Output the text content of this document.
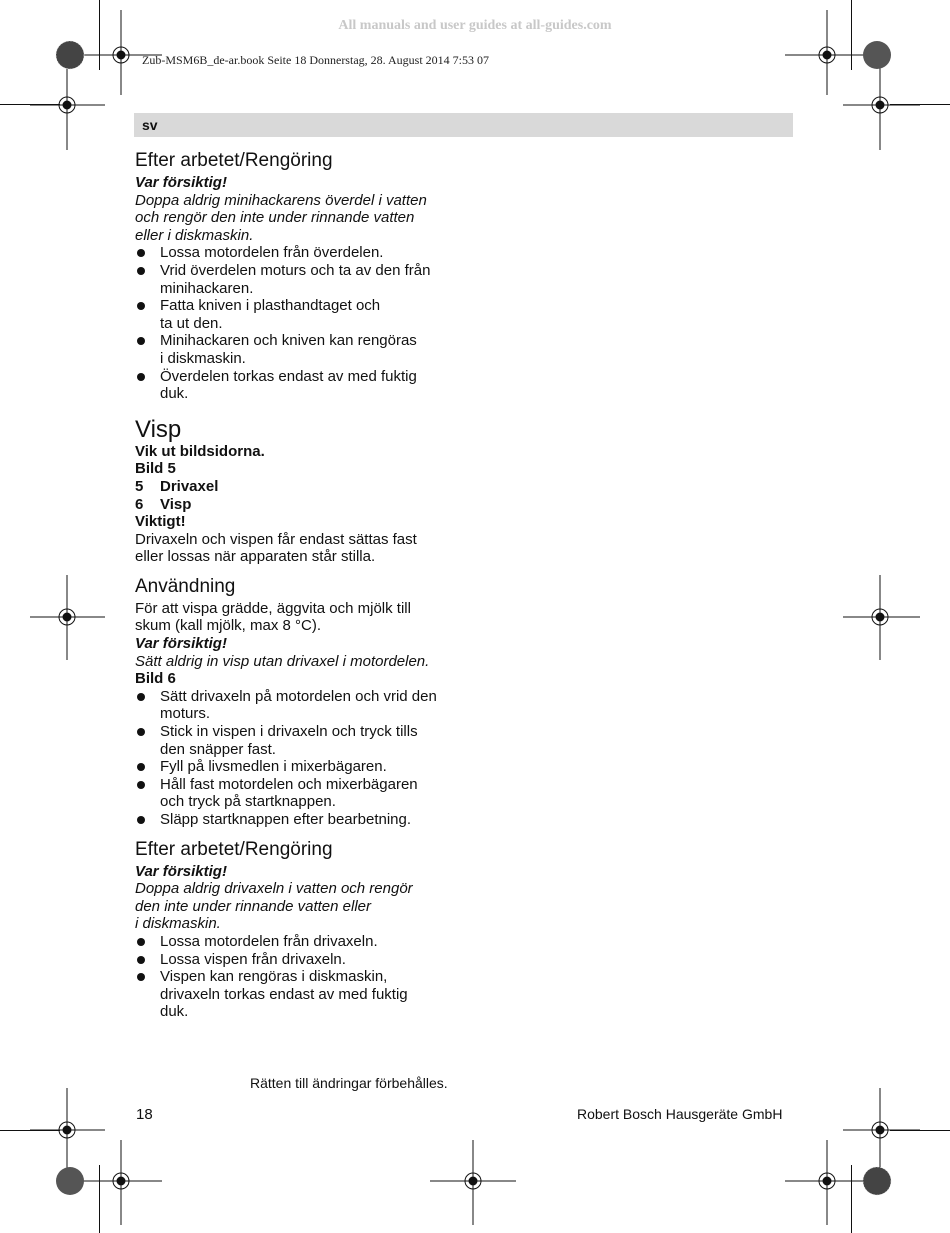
All manuals and user guides at all-guides.com
Zub-MSM6B_de-ar.book Seite 18 Donnerstag, 28. August 2014 7:53 07
sv
Efter arbetet/Rengöring

Var försiktig!

Doppa aldrig minihackarens överdel i vatten

och rengör den inte under rinnande vatten

eller i diskmaskin.

Lossa motordelen från överdelen.
Vrid överdelen moturs och ta av den från
minihackaren.
Fatta kniven i plasthandtaget och
ta ut den.
Minihackaren och kniven kan rengöras
i diskmaskin.
Överdelen torkas endast av med fuktig
duk.
Visp

Vik ut bildsidorna.

Bild 5

5	Drivaxel
6	Visp

Viktigt!

Drivaxeln och vispen får endast sättas fast

eller lossas när apparaten står stilla.

Användning

För att vispa grädde, äggvita och mjölk till

skum (kall mjölk, max 8 °C).

Var försiktig!

Sätt aldrig in visp utan drivaxel i motordelen.

Bild 6

Sätt drivaxeln på motordelen och vrid den
moturs.
Stick in vispen i drivaxeln och tryck tills
den snäpper fast.
Fyll på livsmedlen i mixerbägaren.
Håll fast motordelen och mixerbägaren
och tryck på startknappen.
Släpp startknappen efter bearbetning.
Efter arbetet/Rengöring

Var försiktig!

Doppa aldrig drivaxeln i vatten och rengör

den inte under rinnande vatten eller

i diskmaskin.

Lossa motordelen från drivaxeln.
Lossa vispen från drivaxeln.
Vispen kan rengöras i diskmaskin,
drivaxeln torkas endast av med fuktig
duk.
Rätten till ändringar förbehålles.
18	Robert Bosch Hausgeräte GmbH
